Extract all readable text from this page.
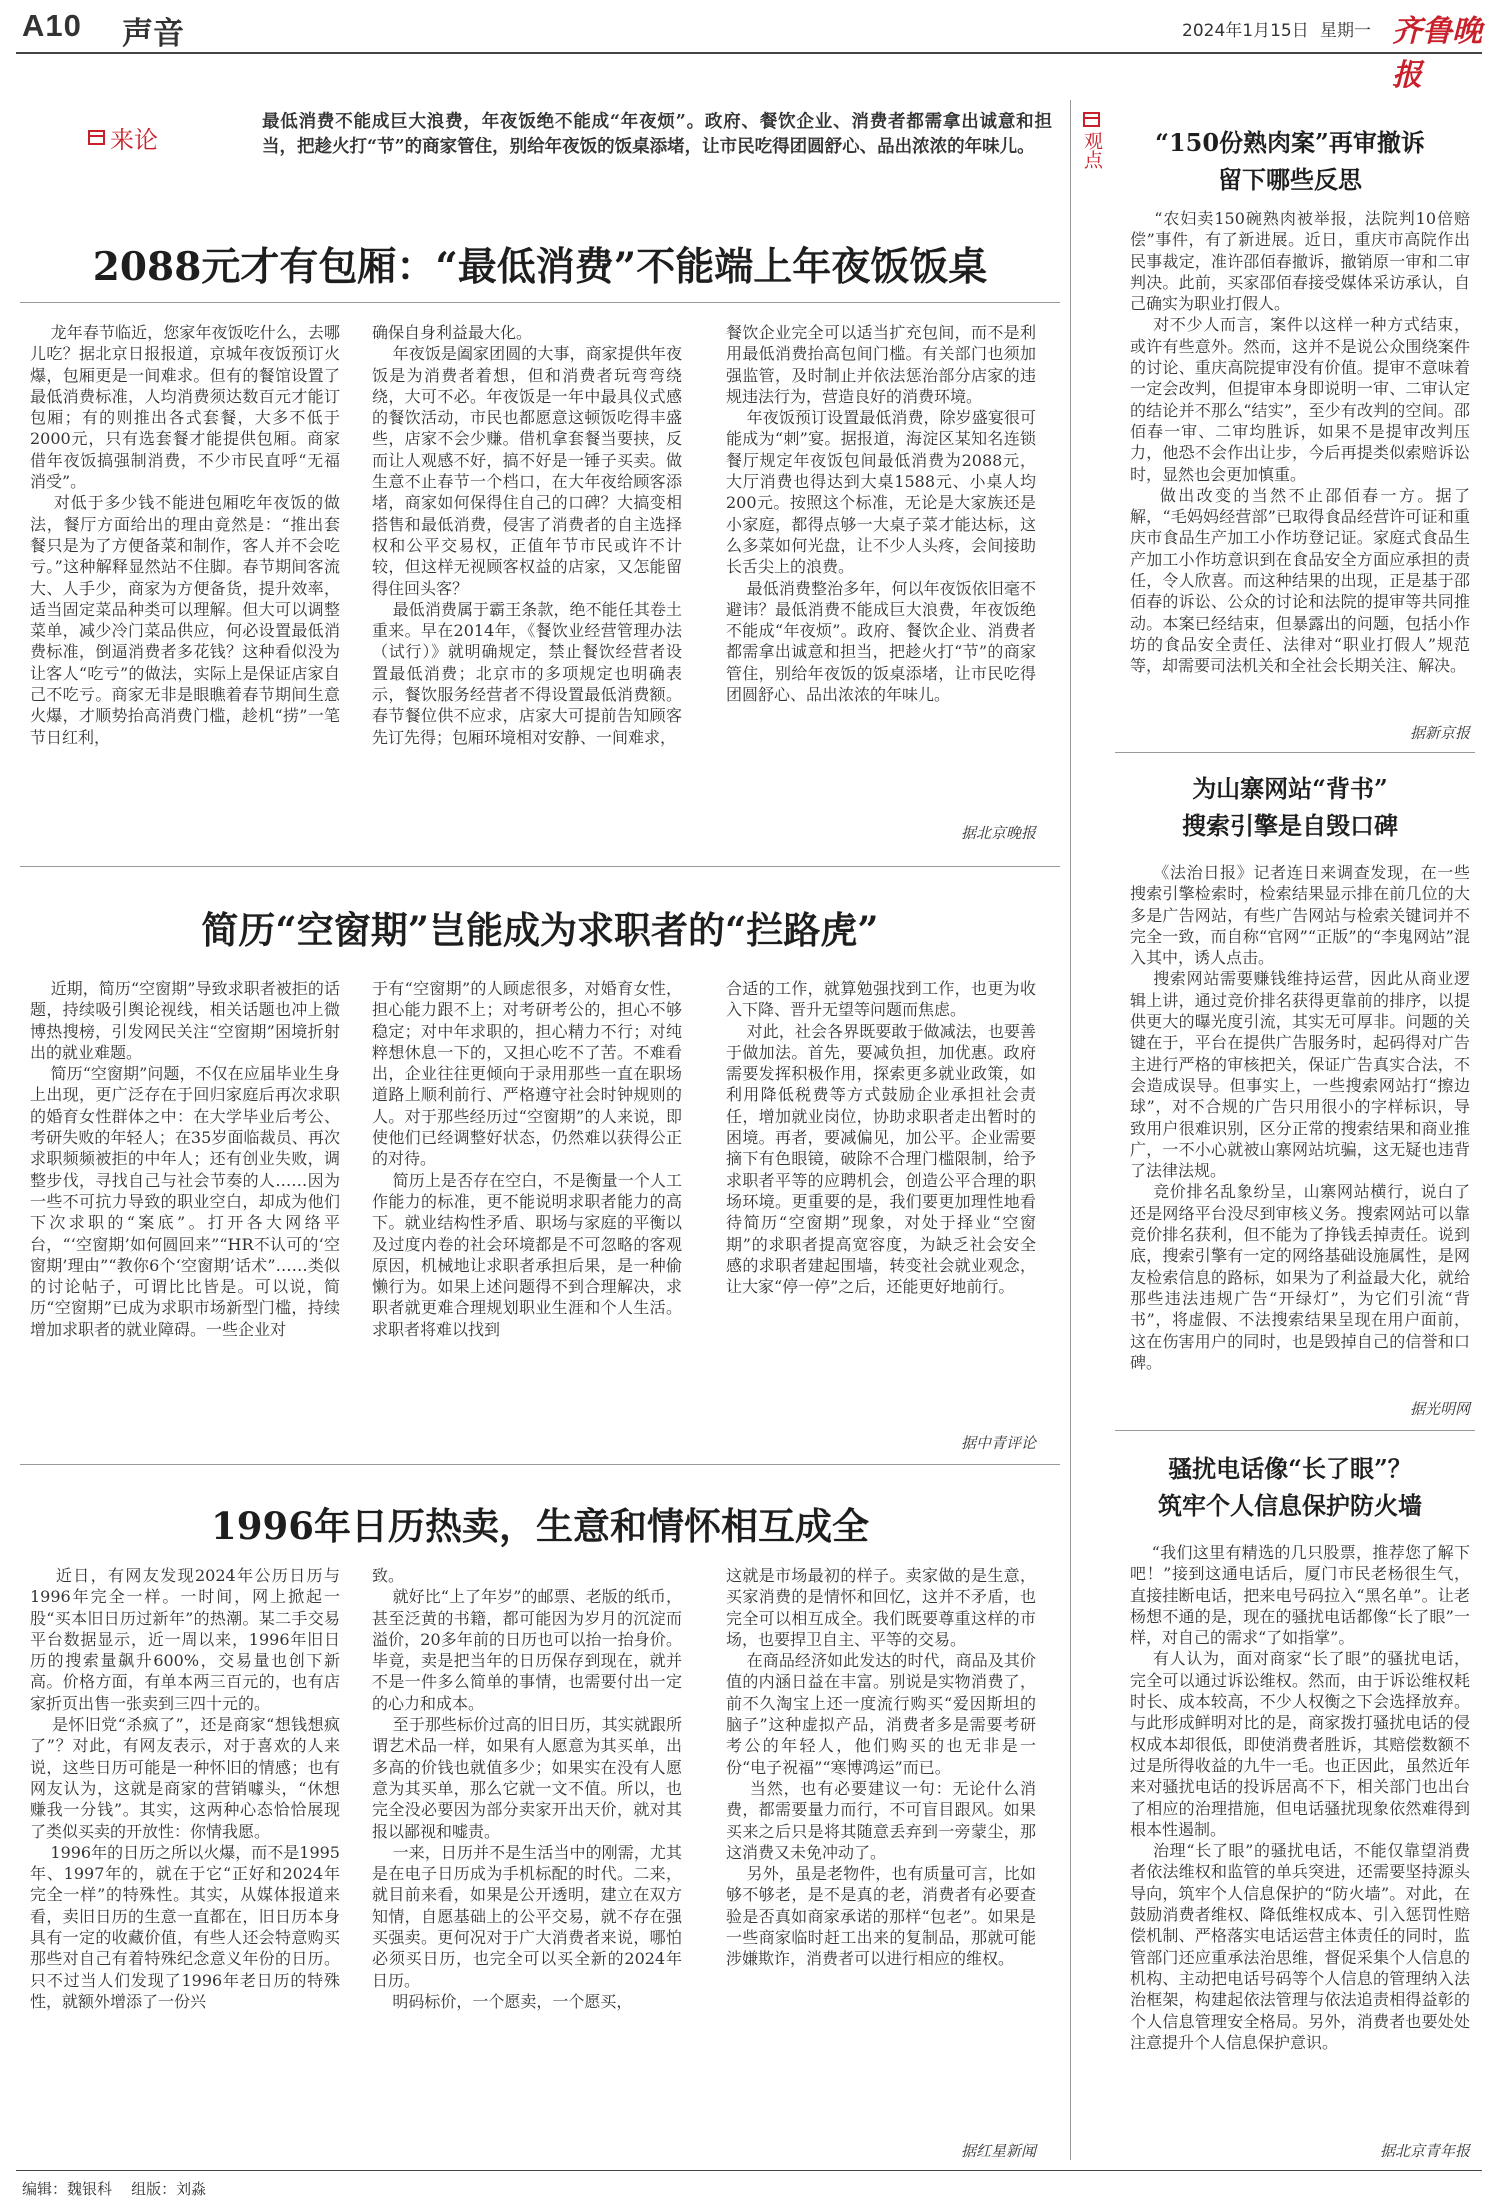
A10 声音	2024年1月15日 星期一 齐鲁晚报
来论
最低消费不能成巨大浪费，年夜饭绝不能成“年夜烦”。政府、餐饮企业、消费者都需拿出诚意和担当，把趁火打“节”的商家管住，别给年夜饭的饭桌添堵，让市民吃得团圆舒心、品出浓浓的年味儿。
2088元才有包厢：“最低消费”不能端上年夜饭饭桌
龙年春节临近，您家年夜饭吃什么，去哪儿吃？据北京日报报道，京城年夜饭预订火爆，包厢更是一间难求。但有的餐馆设置了最低消费标准，人均消费须达数百元才能订包厢；有的则推出各式套餐，大多不低于2000元，只有选套餐才能提供包厢。商家借年夜饭搞强制消费，不少市民直呼“无福消受”。
对低于多少钱不能进包厢吃年夜饭的做法，餐厅方面给出的理由竟然是：“推出套餐只是为了方便备菜和制作，客人并不会吃亏。”这种解释显然站不住脚。春节期间客流大、人手少，商家为方便备货，提升效率，适当固定菜品种类可以理解。但大可以调整菜单，减少冷门菜品供应，何必设置最低消费标准，倒逼消费者多花钱？这种看似没为让客人“吃亏”的做法，实际上是保证店家自己不吃亏。商家无非是眼瞧着春节期间生意火爆，才顺势抬高消费门槛，趁机“捞”一笔节日红利，
确保自身利益最大化。
年夜饭是阖家团圆的大事，商家提供年夜饭是为消费者着想，但和消费者玩弯弯绕绕，大可不必。年夜饭是一年中最具仪式感的餐饮活动，市民也都愿意这顿饭吃得丰盛些，店家不会少赚。借机拿套餐当要挟，反而让人观感不好，搞不好是一锤子买卖。做生意不止春节一个档口，在大年夜给顾客添堵，商家如何保得住自己的口碑？大搞变相搭售和最低消费，侵害了消费者的自主选择权和公平交易权，正值年节市民或许不计较，但这样无视顾客权益的店家，又怎能留得住回头客？
最低消费属于霸王条款，绝不能任其卷土重来。早在2014年，《餐饮业经营管理办法（试行）》就明确规定，禁止餐饮经营者设置最低消费；北京市的多项规定也明确表示，餐饮服务经营者不得设置最低消费额。春节餐位供不应求，店家大可提前告知顾客先订先得；包厢环境相对安静、一间难求，
餐饮企业完全可以适当扩充包间，而不是利用最低消费抬高包间门槛。有关部门也须加强监管，及时制止并依法惩治部分店家的违规违法行为，营造良好的消费环境。
年夜饭预订设置最低消费，除岁盛宴很可能成为“刺”宴。据报道，海淀区某知名连锁餐厅规定年夜饭包间最低消费为2088元，大厅消费也得达到大桌1588元、小桌人均200元。按照这个标准，无论是大家族还是小家庭，都得点够一大桌子菜才能达标，这么多菜如何光盘，让不少人头疼，会间接助长舌尖上的浪费。
最低消费整治多年，何以年夜饭依旧毫不避讳？最低消费不能成巨大浪费，年夜饭绝不能成“年夜烦”。政府、餐饮企业、消费者都需拿出诚意和担当，把趁火打“节”的商家管住，别给年夜饭的饭桌添堵，让市民吃得团圆舒心、品出浓浓的年味儿。
据北京晚报
简历“空窗期”岂能成为求职者的“拦路虎”
近期，简历“空窗期”导致求职者被拒的话题，持续吸引舆论视线，相关话题也冲上微博热搜榜，引发网民关注“空窗期”困境折射出的就业难题。
简历“空窗期”问题，不仅在应届毕业生身上出现，更广泛存在于回归家庭后再次求职的婚育女性群体之中：在大学毕业后考公、考研失败的年轻人；在35岁面临裁员、再次求职频频被拒的中年人；还有创业失败，调整步伐，寻找自己与社会节奏的人……因为一些不可抗力导致的职业空白，却成为他们下次求职的“案底”。打开各大网络平台，“‘空窗期’如何圆回来”“HR不认可的‘空窗期’理由”“教你6个‘空窗期’话术”……类似的讨论帖子，可谓比比皆是。可以说，简历“空窗期”已成为求职市场新型门槛，持续增加求职者的就业障碍。一些企业对
于有“空窗期”的人顾虑很多，对婚育女性，担心能力跟不上；对考研考公的，担心不够稳定；对中年求职的，担心精力不行；对纯粹想休息一下的，又担心吃不了苦。不难看出，企业往往更倾向于录用那些一直在职场道路上顺利前行、严格遵守社会时钟规则的人。对于那些经历过“空窗期”的人来说，即使他们已经调整好状态，仍然难以获得公正的对待。
简历上是否存在空白，不是衡量一个人工作能力的标准，更不能说明求职者能力的高下。就业结构性矛盾、职场与家庭的平衡以及过度内卷的社会环境都是不可忽略的客观原因，机械地让求职者承担后果，是一种偷懒行为。如果上述问题得不到合理解决，求职者就更难合理规划职业生涯和个人生活。求职者将难以找到
合适的工作，就算勉强找到工作，也更为收入下降、晋升无望等问题而焦虑。
对此，社会各界既要敢于做减法，也要善于做加法。首先，要减负担，加优惠。政府需要发挥积极作用，探索更多就业政策，如利用降低税费等方式鼓励企业承担社会责任，增加就业岗位，协助求职者走出暂时的困境。再者，要减偏见，加公平。企业需要摘下有色眼镜，破除不合理门槛限制，给予求职者平等的应聘机会，创造公平合理的职场环境。更重要的是，我们要更加理性地看待简历“空窗期”现象，对处于择业“空窗期”的求职者提高宽容度，为缺乏社会安全感的求职者建起围墙，转变社会就业观念，让大家“停一停”之后，还能更好地前行。
据中青评论
1996年日历热卖，生意和情怀相互成全
近日，有网友发现2024年公历日历与1996年完全一样。一时间，网上掀起一股“买本旧日历过新年”的热潮。某二手交易平台数据显示，近一周以来，1996年旧日历的搜索量飙升600%，交易量也创下新高。价格方面，有单本两三百元的，也有店家折页出售一张卖到三四十元的。
是怀旧党“杀疯了”，还是商家“想钱想疯了”？对此，有网友表示，对于喜欢的人来说，这些日历可能是一种怀旧的情感；也有网友认为，这就是商家的营销噱头，“休想赚我一分钱”。其实，这两种心态恰恰展现了类似买卖的开放性：你情我愿。
1996年的日历之所以火爆，而不是1995年、1997年的，就在于它“正好和2024年完全一样”的特殊性。其实，从媒体报道来看，卖旧日历的生意一直都在，旧日历本身具有一定的收藏价值，有些人还会特意购买那些对自己有着特殊纪念意义年份的日历。只不过当人们发现了1996年老日历的特殊性，就额外增添了一份兴
致。
就好比“上了年岁”的邮票、老版的纸币，甚至泛黄的书籍，都可能因为岁月的沉淀而溢价，20多年前的日历也可以抬一抬身价。毕竟，卖是把当年的日历保存到现在，就并不是一件多么简单的事情，也需要付出一定的心力和成本。
至于那些标价过高的旧日历，其实就跟所谓艺术品一样，如果有人愿意为其买单，出多高的价钱也就值多少；如果实在没有人愿意为其买单，那么它就一文不值。所以，也完全没必要因为部分卖家开出天价，就对其报以鄙视和嘘责。
一来，日历并不是生活当中的刚需，尤其是在电子日历成为手机标配的时代。二来，就目前来看，如果是公开透明，建立在双方知情，自愿基础上的公平交易，就不存在强买强卖。更何况对于广大消费者来说，哪怕必须买日历，也完全可以买全新的2024年日历。
明码标价，一个愿卖，一个愿买，
这就是市场最初的样子。卖家做的是生意，买家消费的是情怀和回忆，这并不矛盾，也完全可以相互成全。我们既要尊重这样的市场，也要捍卫自主、平等的交易。
在商品经济如此发达的时代，商品及其价值的内涵日益在丰富。别说是实物消费了，前不久淘宝上还一度流行购买“爱因斯坦的脑子”这种虚拟产品，消费者多是需要考研考公的年轻人，他们购买的也无非是一份“电子祝福”“寒博鸿运”而已。
当然，也有必要建议一句：无论什么消费，都需要量力而行，不可盲目跟风。如果买来之后只是将其随意丢弃到一旁蒙尘，那这消费又未免冲动了。
另外，虽是老物件，也有质量可言，比如够不够老，是不是真的老，消费者有必要查验是否真如商家承诺的那样“包老”。如果是一些商家临时赶工出来的复制品，那就可能涉嫌欺诈，消费者可以进行相应的维权。
据红星新闻
观点	“150份熟肉案”再审撤诉
留下哪些反思
“农妇卖150碗熟肉被举报，法院判10倍赔偿”事件，有了新进展。近日，重庆市高院作出民事裁定，准许邵佰春撤诉，撤销原一审和二审判决。此前，买家邵佰春接受媒体采访承认，自己确实为职业打假人。
对不少人而言，案件以这样一种方式结束，或许有些意外。然而，这并不是说公众围绕案件的讨论、重庆高院提审没有价值。提审不意味着一定会改判，但提审本身即说明一审、二审认定的结论并不那么“结实”，至少有改判的空间。邵佰春一审、二审均胜诉，如果不是提审改判压力，他恐不会作出让步，今后再提类似索赔诉讼时，显然也会更加慎重。
做出改变的当然不止邵佰春一方。据了解，“毛妈妈经营部”已取得食品经营许可证和重庆市食品生产加工小作坊登记证。家庭式食品生产加工小作坊意识到在食品安全方面应承担的责任，令人欣喜。而这种结果的出现，正是基于邵佰春的诉讼、公众的讨论和法院的提审等共同推动。本案已经结束，但暴露出的问题，包括小作坊的食品安全责任、法律对“职业打假人”规范等，却需要司法机关和全社会长期关注、解决。
据新京报
为山寨网站“背书”
搜索引擎是自毁口碑
《法治日报》记者连日来调查发现，在一些搜索引擎检索时，检索结果显示排在前几位的大多是广告网站，有些广告网站与检索关键词并不完全一致，而自称“官网”“正版”的“李鬼网站”混入其中，诱人点击。
搜索网站需要赚钱维持运营，因此从商业逻辑上讲，通过竞价排名获得更靠前的排序，以提供更大的曝光度引流，其实无可厚非。问题的关键在于，平台在提供广告服务时，起码得对广告主进行严格的审核把关，保证广告真实合法，不会造成误导。但事实上，一些搜索网站打“擦边球”，对不合规的广告只用很小的字样标识，导致用户很难识别，区分正常的搜索结果和商业推广，一不小心就被山寨网站坑骗，这无疑也违背了法律法规。
竞价排名乱象纷呈，山寨网站横行，说白了还是网络平台没尽到审核义务。搜索网站可以靠竞价排名获利，但不能为了挣钱丢掉责任。说到底，搜索引擎有一定的网络基础设施属性，是网友检索信息的路标，如果为了利益最大化，就给那些违法违规广告“开绿灯”，为它们引流“背书”，将虚假、不法搜索结果呈现在用户面前，这在伤害用户的同时，也是毁掉自己的信誉和口碑。
据光明网
骚扰电话像“长了眼”？
筑牢个人信息保护防火墙
“我们这里有精选的几只股票，推荐您了解下吧！”接到这通电话后，厦门市民老杨很生气，直接挂断电话，把来电号码拉入“黑名单”。让老杨想不通的是，现在的骚扰电话都像“长了眼”一样，对自己的需求“了如指掌”。
有人认为，面对商家“长了眼”的骚扰电话，完全可以通过诉讼维权。然而，由于诉讼维权耗时长、成本较高，不少人权衡之下会选择放弃。与此形成鲜明对比的是，商家拨打骚扰电话的侵权成本却很低，即使消费者胜诉，其赔偿数额不过是所得收益的九牛一毛。也正因此，虽然近年来对骚扰电话的投诉居高不下，相关部门也出台了相应的治理措施，但电话骚扰现象依然难得到根本性遏制。
治理“长了眼”的骚扰电话，不能仅靠望消费者依法维权和监管的单兵突进，还需要坚持源头导向，筑牢个人信息保护的“防火墙”。对此，在鼓励消费者维权、降低维权成本、引入惩罚性赔偿机制、严格落实电话运营主体责任的同时，监管部门还应重承法治思维，督促采集个人信息的机构、主动把电话号码等个人信息的管理纳入法治框架，构建起依法管理与依法追责相得益彰的个人信息管理安全格局。另外，消费者也要处处注意提升个人信息保护意识。
据北京青年报
编辑：魏银科 组版：刘淼
